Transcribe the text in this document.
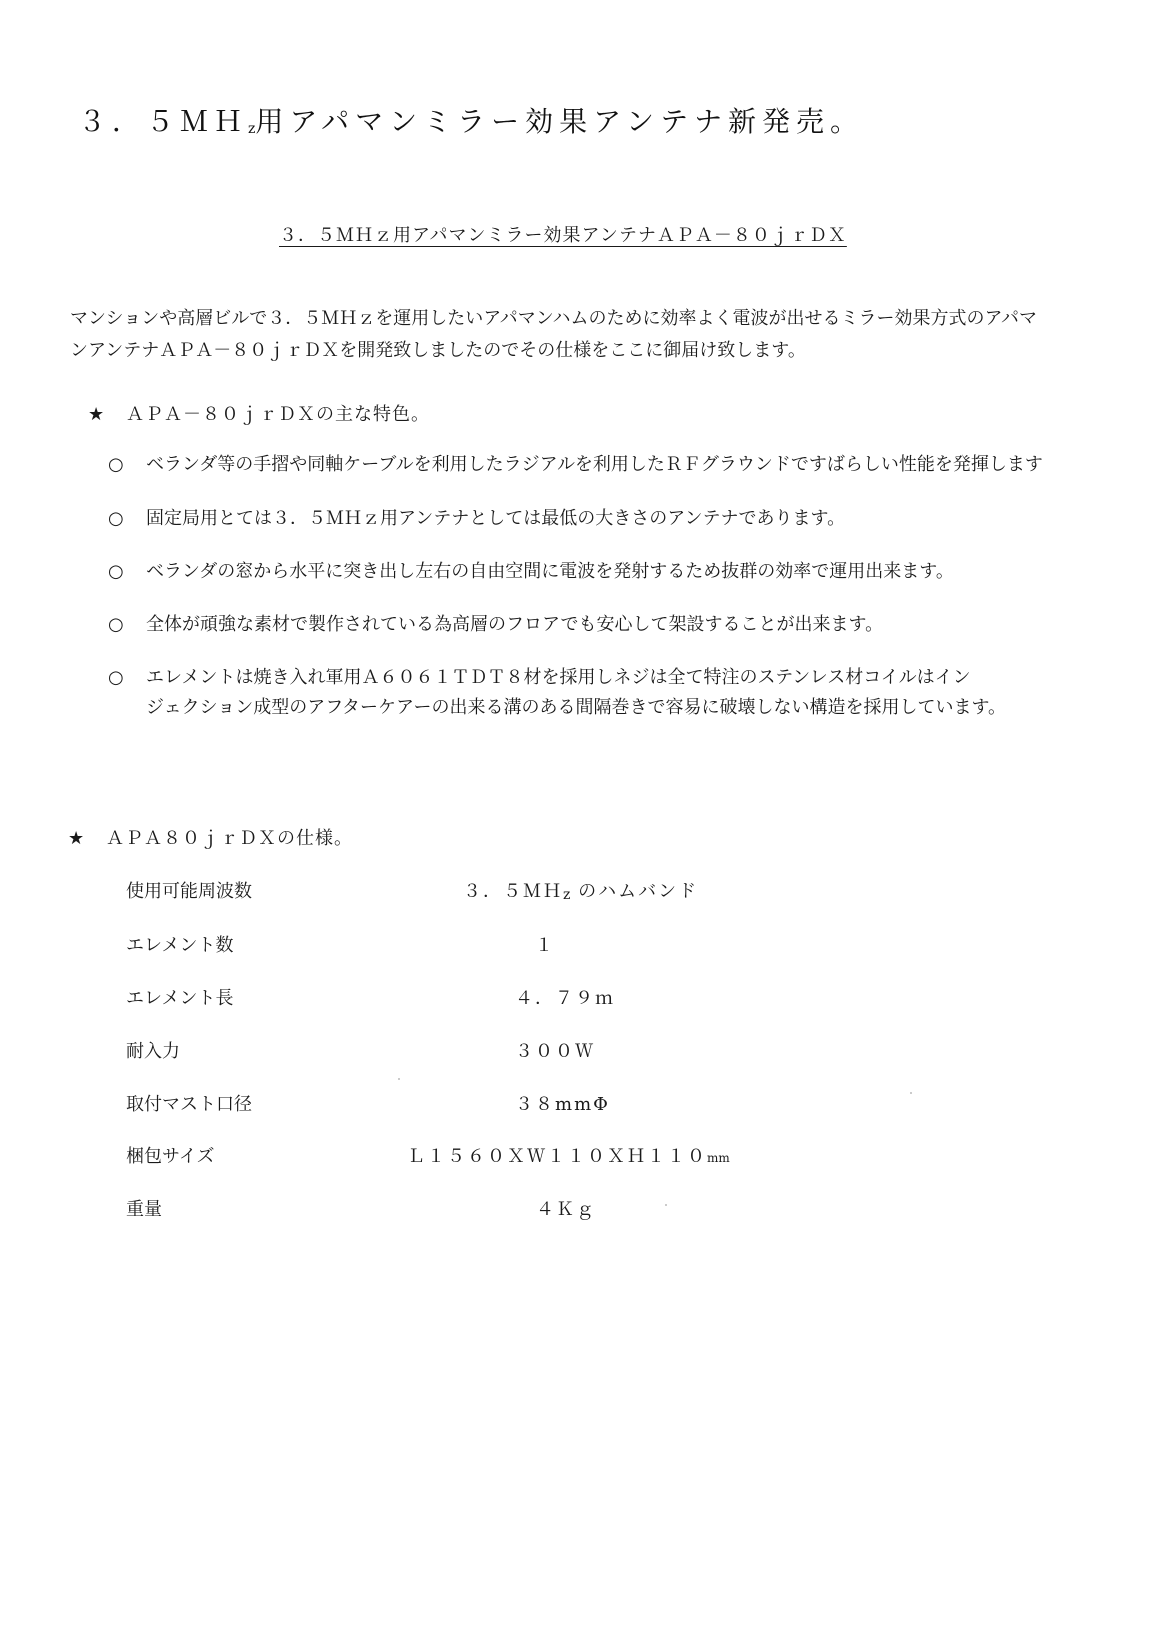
３．５ＭＨz用アパマンミラー効果アンテナ新発売。
３．５ＭＨｚ用アパマンミラー効果アンテナＡＰＡ－８０ｊｒＤＸ
マンションや高層ビルで３．５ＭＨｚを運用したいアパマンハムのために効率よく電波が出せるミラー効果方式のアパマ
ンアンテナＡＰＡ－８０ｊｒＤＸを開発致しましたのでその仕様をここに御届け致します。
★ ＡＰＡ－８０ｊｒＤＸの主な特色。
○ ベランダ等の手摺や同軸ケーブルを利用したラジアルを利用したＲＦグラウンドですばらしい性能を発揮します
○ 固定局用とては３．５ＭＨｚ用アンテナとしては最低の大きさのアンテナであります。
○ ベランダの窓から水平に突き出し左右の自由空間に電波を発射するため抜群の効率で運用出来ます。
○ 全体が頑強な素材で製作されている為高層のフロアでも安心して架設することが出来ます。
○ エレメントは焼き入れ軍用Ａ６０６１ＴＤＴ８材を採用しネジは全て特注のステンレス材コイルはイン
ジェクション成型のアフターケアーの出来る溝のある間隔巻きで容易に破壊しない構造を採用しています。
★ ＡＰＡ８０ｊｒＤＸの仕様。
使用可能周波数	３．５ＭＨz のハムバンド
エレメント数	１
エレメント長	４．７９ｍ
耐入力	３００Ｗ
取付マスト口径	３８mmΦ
梱包サイズ	Ｌ１５６０ＸＷ１１０ＸＨ１１０mm
重量	４Ｋｇ
